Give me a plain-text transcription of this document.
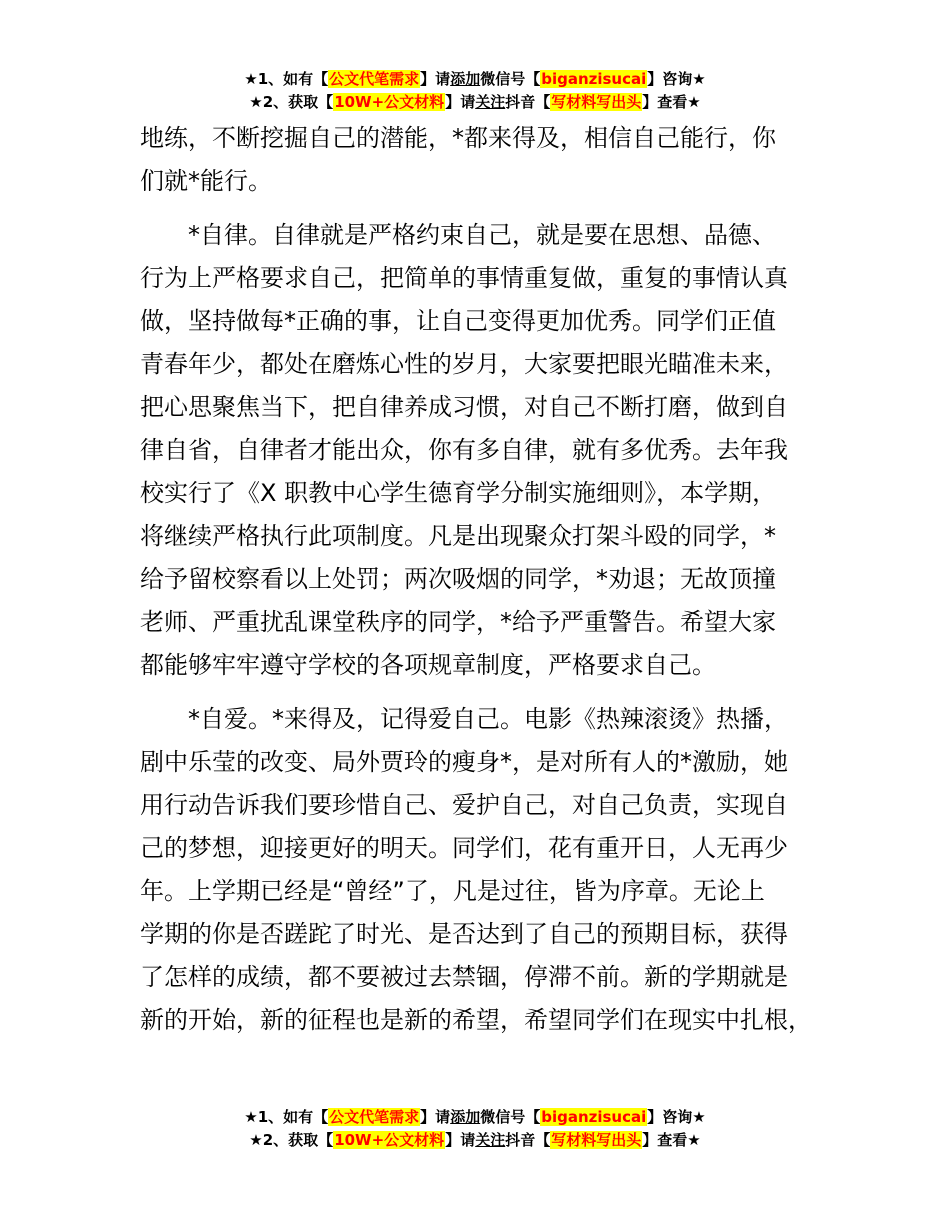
★1、如有【公文代笔需求】请添加微信号【biganzisucai】咨询★
★2、获取【10W+公文材料】请关注抖音【写材料写出头】查看★

地练，不断挖掘自己的潜能，*都来得及，相信自己能行，你
们就*能行。

*自律。自律就是严格约束自己，就是要在思想、品德、
行为上严格要求自己，把简单的事情重复做，重复的事情认真
做，坚持做每*正确的事，让自己变得更加优秀。同学们正值
青春年少，都处在磨炼心性的岁月，大家要把眼光瞄准未来，
把心思聚焦当下，把自律养成习惯，对自己不断打磨，做到自
律自省，自律者才能出众，你有多自律，就有多优秀。去年我
校实行了《X 职教中心学生德育学分制实施细则》，本学期，
将继续严格执行此项制度。凡是出现聚众打架斗殴的同学，*
给予留校察看以上处罚；两次吸烟的同学，*劝退；无故顶撞
老师、严重扰乱课堂秩序的同学，*给予严重警告。希望大家
都能够牢牢遵守学校的各项规章制度，严格要求自己。

*自爱。*来得及，记得爱自己。电影《热辣滚烫》热播，
剧中乐莹的改变、局外贾玲的瘦身*，是对所有人的*激励，她
用行动告诉我们要珍惜自己、爱护自己，对自己负责，实现自
己的梦想，迎接更好的明天。同学们，花有重开日，人无再少
年。上学期已经是“曾经”了，凡是过往，皆为序章。无论上
学期的你是否蹉跎了时光、是否达到了自己的预期目标，获得
了怎样的成绩，都不要被过去禁锢，停滞不前。新的学期就是
新的开始，新的征程也是新的希望，希望同学们在现实中扎根，

★1、如有【公文代笔需求】请添加微信号【biganzisucai】咨询★
★2、获取【10W+公文材料】请关注抖音【写材料写出头】查看★
